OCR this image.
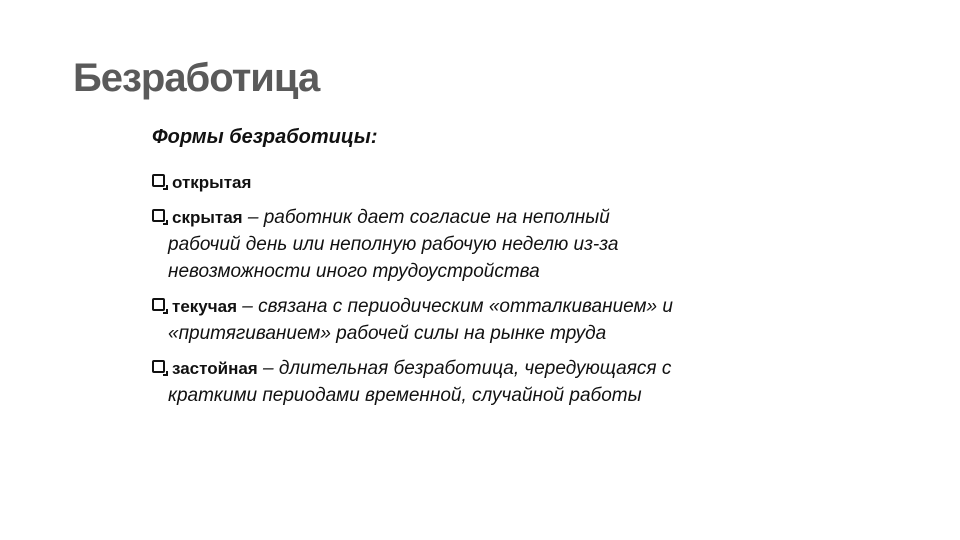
Безработица
Формы безработицы:
открытая
скрытая – работник дает согласие на неполный
рабочий день или неполную рабочую неделю из-за
невозможности иного трудоустройства
текучая – связана с периодическим «отталкиванием» и
«притягиванием» рабочей силы на рынке труда
застойная – длительная безработица, чередующаяся с
краткими периодами временной, случайной работы
